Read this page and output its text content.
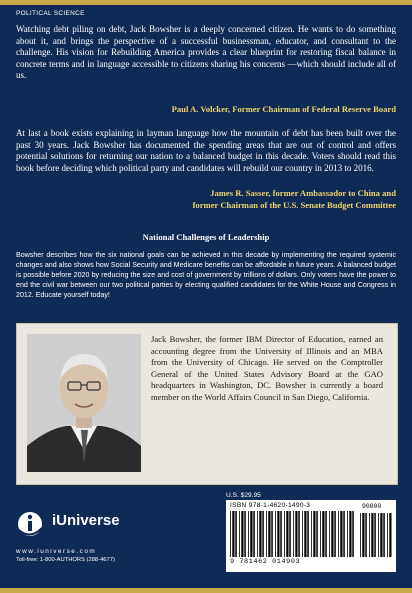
POLITICAL SCIENCE

Watching debt piling on debt, Jack Bowsher is a deeply concerned citizen. He wants to do something about it, and brings the perspective of a successful businessman, educator, and consultant to the challenge. His vision for Rebuilding America provides a clear blueprint for restoring fiscal balance in concrete terms and in language accessible to citizens sharing his concerns —which should include all of us.

Paul A. Volcker, Former Chairman of Federal Reserve Board

At last a book exists explaining in layman language how the mountain of debt has been built over the past 30 years. Jack Bowsher has documented the spending areas that are out of control and offers potential solutions for returning our nation to a balanced budget in this decade. Voters should read this book before deciding which political party and candidates will rebuild our country in 2013 to 2016.

James R. Sasser, former Ambassador to China and

former Chairman of the U.S. Senate Budget Committee

National Challenges of Leadership

Bowsher describes how the six national goals can be achieved in this decade by implementing the required systemic changes and also shows how Social Security and Medicare benefits can be affordable in future years. A balanced budget is possible before 2020 by reducing the size and cost of government by trillions of dollars. Only voters have the power to end the civil war between our two political parties by electing qualified candidates for the White House and Congress in 2012. Educate yourself today!

Jack Bowsher, the former IBM Director of Education, earned an accounting degree from the University of Illinois and an MBA from the University of Chicago. He served on the Comptroller General of the United States Advisory Board at the GAO headquarters in Washington, DC. Bowsher is currently a board member on the World Affairs Council in San Diego, California.

iUniverse
www.iuniverse.com
Toll-free: 1-800-AUTHORS (288-4677)
U.S. $29.95
ISBN 978-1-4620-1490-3
9 781462 014903
90000
